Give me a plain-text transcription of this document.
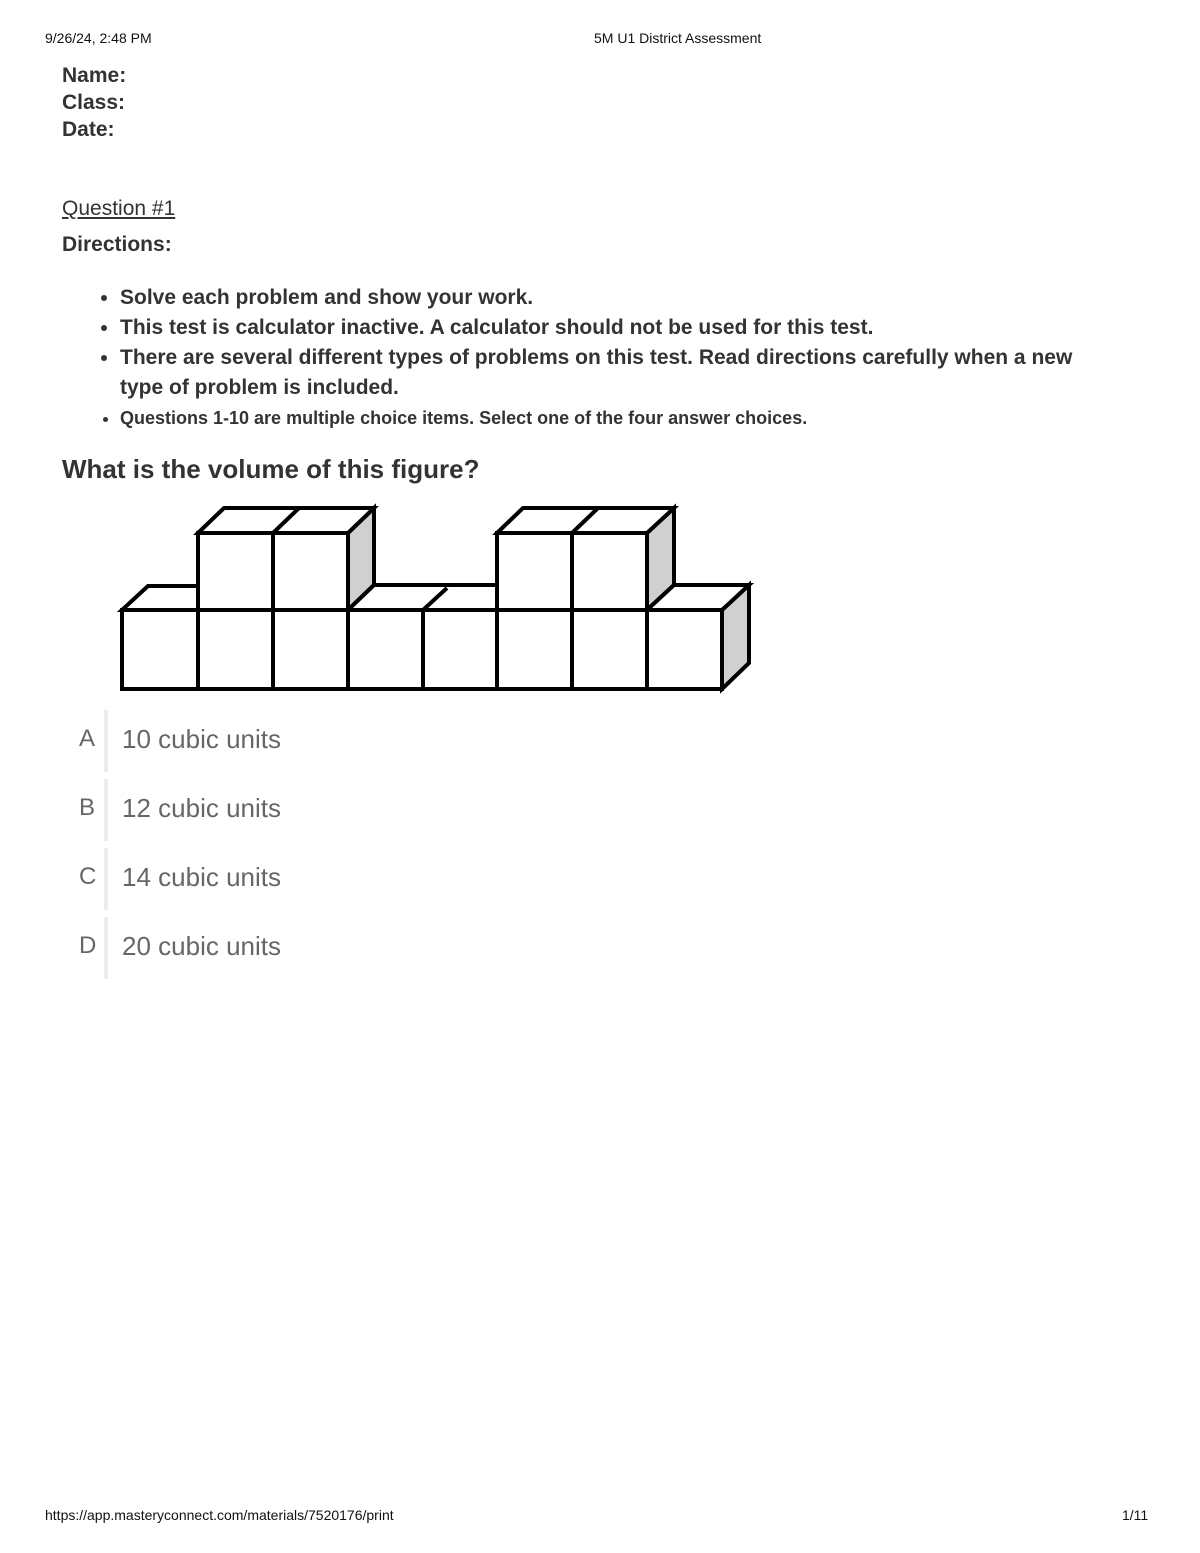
9/26/24, 2:48 PM	5M U1 District Assessment
Name:
Class:
Date:
Question #1
Directions:
• Solve each problem and show your work.
• This test is calculator inactive. A calculator should not be used for this test.
• There are several different types of problems on this test. Read directions carefully when a new type of problem is included.
• Questions 1-10 are multiple choice items. Select one of the four answer choices.
What is the volume of this figure?
A 10 cubic units
B 12 cubic units
C 14 cubic units
D 20 cubic units
https://app.masteryconnect.com/materials/7520176/print	1/11
